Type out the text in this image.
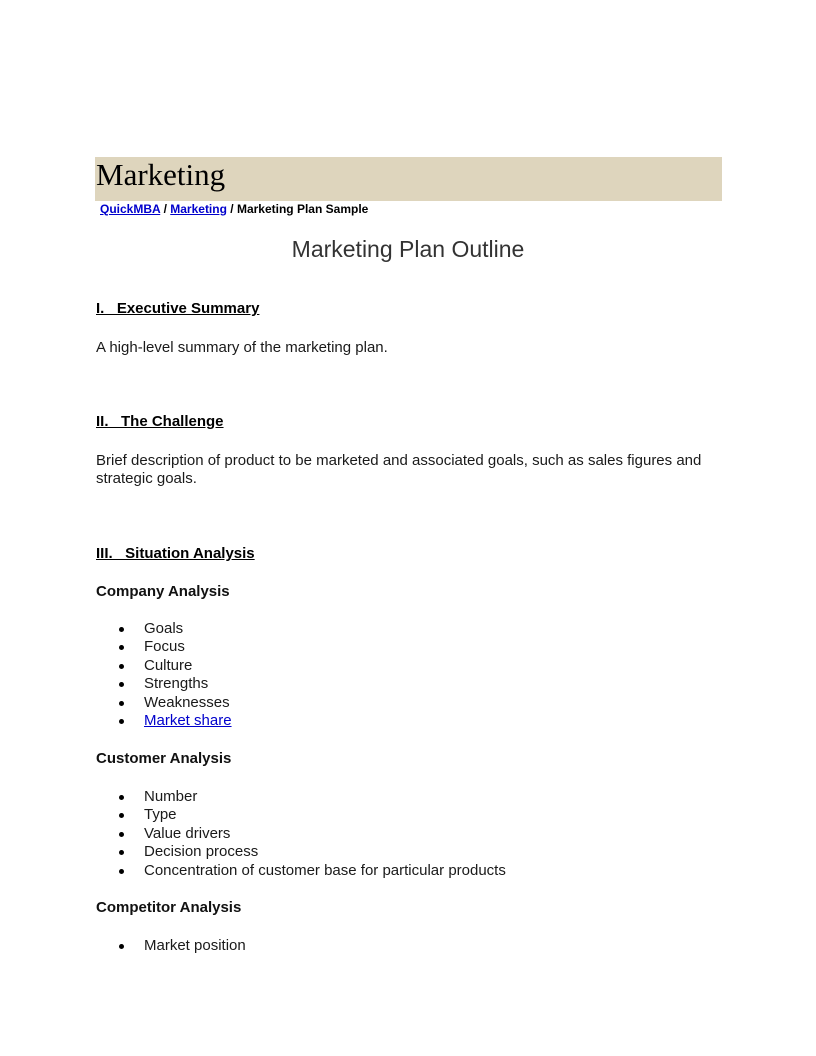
Marketing
QuickMBA / Marketing / Marketing Plan Sample
Marketing Plan Outline
I.   Executive Summary
A high-level summary of the marketing plan.
II.   The Challenge
Brief description of product to be marketed and associated goals, such as sales figures and strategic goals.
III.   Situation Analysis
Company Analysis
Goals
Focus
Culture
Strengths
Weaknesses
Market share
Customer Analysis
Number
Type
Value drivers
Decision process
Concentration of customer base for particular products
Competitor Analysis
Market position
